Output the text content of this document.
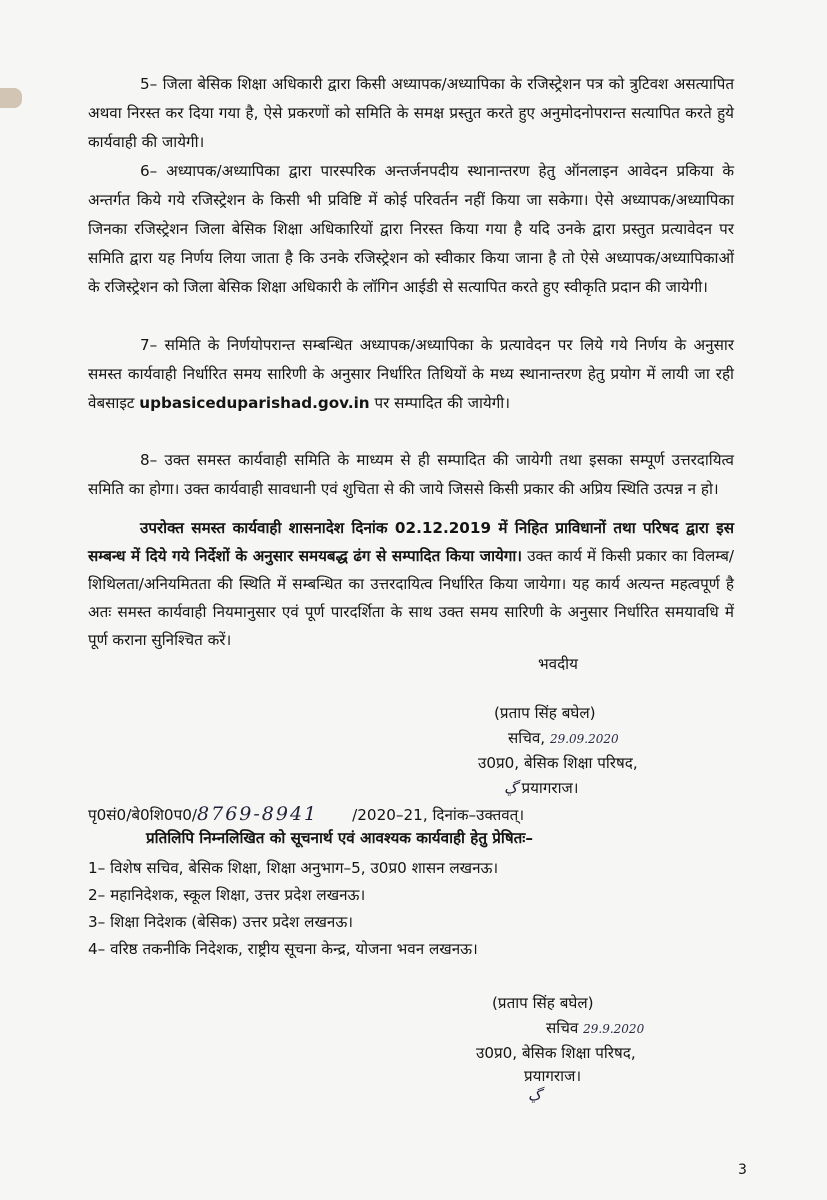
5– जिला बेसिक शिक्षा अधिकारी द्वारा किसी अध्यापक/अध्यापिका के रजिस्ट्रेशन पत्र को त्रुटिवश असत्यापित अथवा निरस्त कर दिया गया है, ऐसे प्रकरणों को समिति के समक्ष प्रस्तुत करते हुए अनुमोदनोपरान्त सत्यापित करते हुये कार्यवाही की जायेगी।

6– अध्यापक/अध्यापिका द्वारा पारस्परिक अन्तर्जनपदीय स्थानान्तरण हेतु ऑनलाइन आवेदन प्रकिया के अन्तर्गत किये गये रजिस्ट्रेशन के किसी भी प्रविष्टि में कोई परिवर्तन नहीं किया जा सकेगा। ऐसे अध्यापक/अध्यापिका जिनका रजिस्ट्रेशन जिला बेसिक शिक्षा अधिकारियों द्वारा निरस्त किया गया है यदि उनके द्वारा प्रस्तुत प्रत्यावेदन पर समिति द्वारा यह निर्णय लिया जाता है कि उनके रजिस्ट्रेशन को स्वीकार किया जाना है तो ऐसे अध्यापक/अध्यापिकाओं के रजिस्ट्रेशन को जिला बेसिक शिक्षा अधिकारी के लॉगिन आईडी से सत्यापित करते हुए स्वीकृति प्रदान की जायेगी।

7– समिति के निर्णयोपरान्त सम्बन्धित अध्यापक/अध्यापिका के प्रत्यावेदन पर लिये गये निर्णय के अनुसार समस्त कार्यवाही निर्धारित समय सारिणी के अनुसार निर्धारित तिथियों के मध्य स्थानान्तरण हेतु प्रयोग में लायी जा रही वेबसाइट upbasiceduparishad.gov.in पर सम्पादित की जायेगी।

8– उक्त समस्त कार्यवाही समिति के माध्यम से ही सम्पादित की जायेगी तथा इसका सम्पूर्ण उत्तरदायित्व समिति का होगा। उक्त कार्यवाही सावधानी एवं शुचिता से की जाये जिससे किसी प्रकार की अप्रिय स्थिति उत्पन्न न हो।

उपरोक्त समस्त कार्यवाही शासनादेश दिनांक 02.12.2019 में निहित प्राविधानों तथा परिषद द्वारा इस सम्बन्ध में दिये गये निर्देशों के अनुसार समयबद्ध ढंग से सम्पादित किया जायेगा। उक्त कार्य में किसी प्रकार का विलम्ब/शिथिलता/अनियमितता की स्थिति में सम्बन्धित का उत्तरदायित्व निर्धारित किया जायेगा। यह कार्य अत्यन्त महत्वपूर्ण है अतः समस्त कार्यवाही नियमानुसार एवं पूर्ण पारदर्शिता के साथ उक्त समय सारिणी के अनुसार निर्धारित समयावधि में पूर्ण कराना सुनिश्चित करें।

भवदीय
(प्रताप सिंह बघेल)
सचिव, 29.09.2020
उ0प्र0, बेसिक शिक्षा परिषद,
ڲ प्रयागराज।
पृ0सं0/बे0शि0प0/8769-8941 /2020–21, दिनांक–उक्तवत्।
प्रतिलिपि निम्नलिखित को सूचनार्थ एवं आवश्यक कार्यवाही हेतु प्रेषितः–
1– विशेष सचिव, बेसिक शिक्षा, शिक्षा अनुभाग–5, उ0प्र0 शासन लखनऊ।
2– महानिदेशक, स्कूल शिक्षा, उत्तर प्रदेश लखनऊ।
3– शिक्षा निदेशक (बेसिक) उत्तर प्रदेश लखनऊ।
4– वरिष्ठ तकनीकि निदेशक, राष्ट्रीय सूचना केन्द्र, योजना भवन लखनऊ।
(प्रताप सिंह बघेल)
सचिव 29.9.2020
उ0प्र0, बेसिक शिक्षा परिषद,
प्रयागराज।
ڲ
3
